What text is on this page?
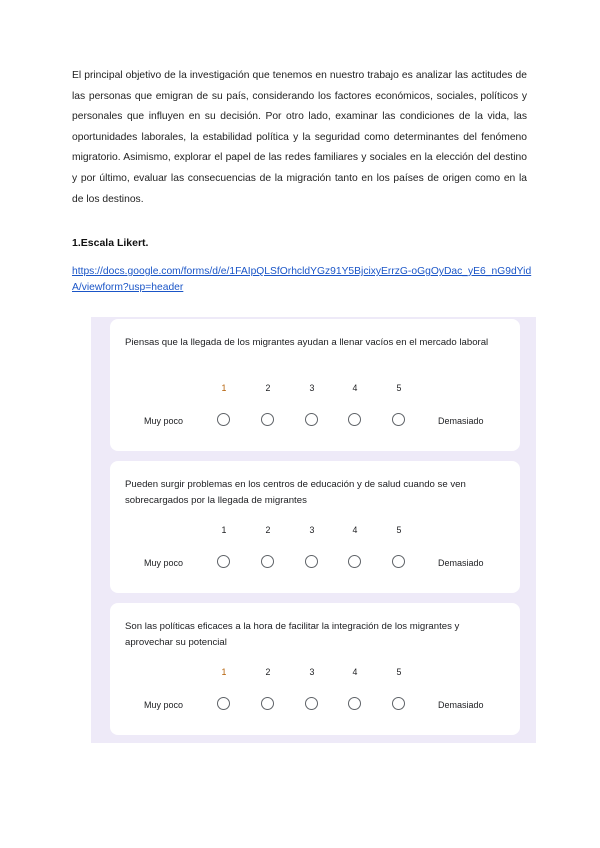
El principal objetivo de la investigación que tenemos en nuestro trabajo es analizar las actitudes de las personas que emigran de su país, considerando los factores económicos, sociales, políticos y personales que influyen en su decisión. Por otro lado, examinar las condiciones de la vida, las oportunidades laborales, la estabilidad política y la seguridad como determinantes del fenómeno migratorio. Asimismo, explorar el papel de las redes familiares y sociales en la elección del destino y por último, evaluar las consecuencias de la migración tanto en los países de origen como en la de los destinos.
1.Escala Likert.
https://docs.google.com/forms/d/e/1FAIpQLSfOrhcldYGz91Y5BjcixyErrzG-oGgOyDac_yE6_nG9dYidA/viewform?usp=header
Piensas que la llegada de los migrantes ayudan a llenar vacíos en el mercado laboral
1	2	3	4	5
Muy poco	Demasiado
Pueden surgir problemas en los centros de educación y de salud cuando se ven sobrecargados por la llegada de migrantes
1	2	3	4	5
Muy poco	Demasiado
Son las políticas eficaces a la hora de facilitar la integración de los migrantes y aprovechar su potencial
1	2	3	4	5
Muy poco	Demasiado
